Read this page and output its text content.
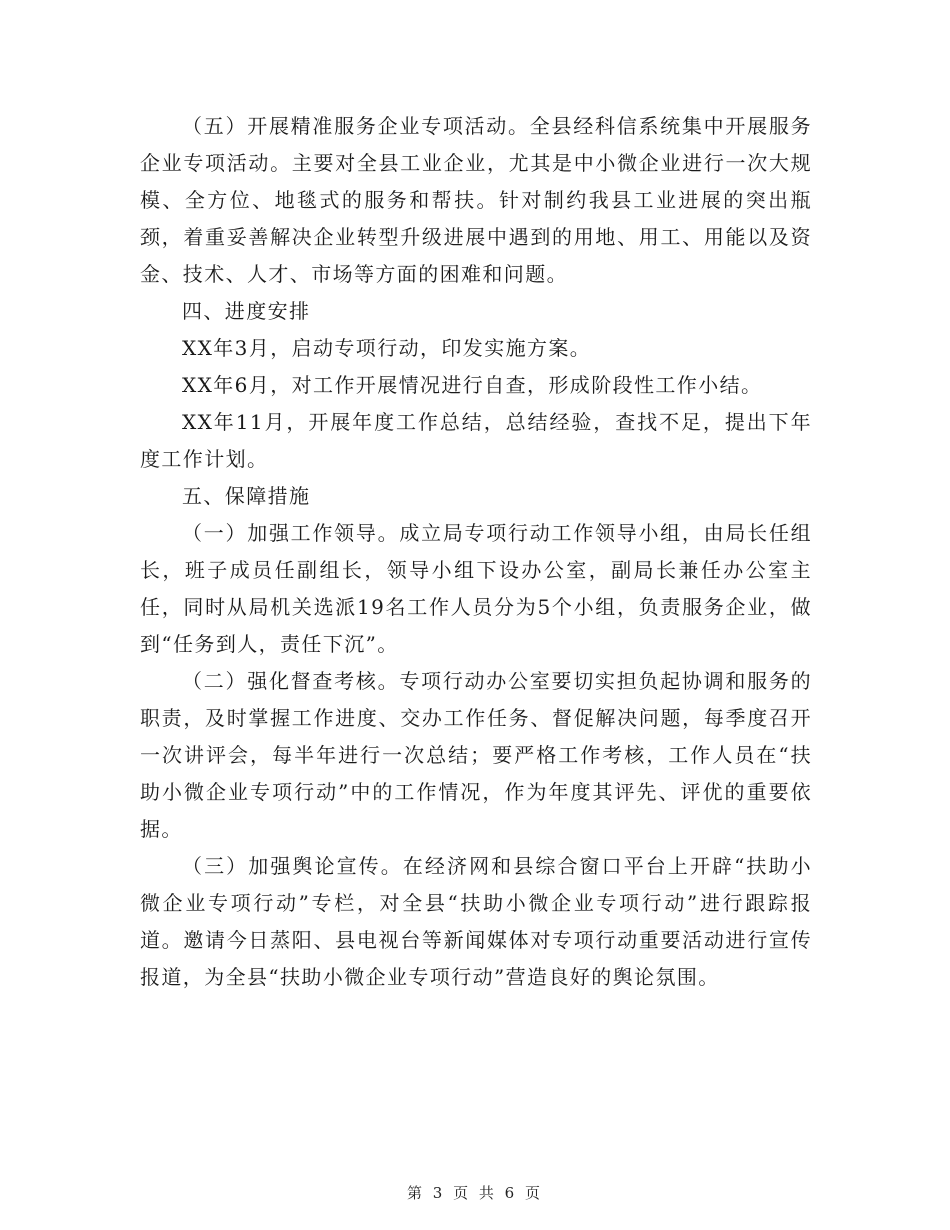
（五）开展精准服务企业专项活动。全县经科信系统集中开展服务企业专项活动。主要对全县工业企业，尤其是中小微企业进行一次大规模、全方位、地毯式的服务和帮扶。针对制约我县工业进展的突出瓶颈，着重妥善解决企业转型升级进展中遇到的用地、用工、用能以及资金、技术、人才、市场等方面的困难和问题。

四、进度安排

XX年3月，启动专项行动，印发实施方案。

XX年6月，对工作开展情况进行自查，形成阶段性工作小结。

XX年11月，开展年度工作总结，总结经验，查找不足，提出下年度工作计划。

五、保障措施

（一）加强工作领导。成立局专项行动工作领导小组，由局长任组长，班子成员任副组长，领导小组下设办公室，副局长兼任办公室主任，同时从局机关选派19名工作人员分为5个小组，负责服务企业，做到“任务到人，责任下沉”。

（二）强化督查考核。专项行动办公室要切实担负起协调和服务的职责，及时掌握工作进度、交办工作任务、督促解决问题，每季度召开一次讲评会，每半年进行一次总结；要严格工作考核，工作人员在“扶助小微企业专项行动”中的工作情况，作为年度其评先、评优的重要依据。

（三）加强舆论宣传。在经济网和县综合窗口平台上开辟“扶助小微企业专项行动”专栏，对全县“扶助小微企业专项行动”进行跟踪报道。邀请今日蒸阳、县电视台等新闻媒体对专项行动重要活动进行宣传报道，为全县“扶助小微企业专项行动”营造良好的舆论氛围。

第 3 页 共 6 页
